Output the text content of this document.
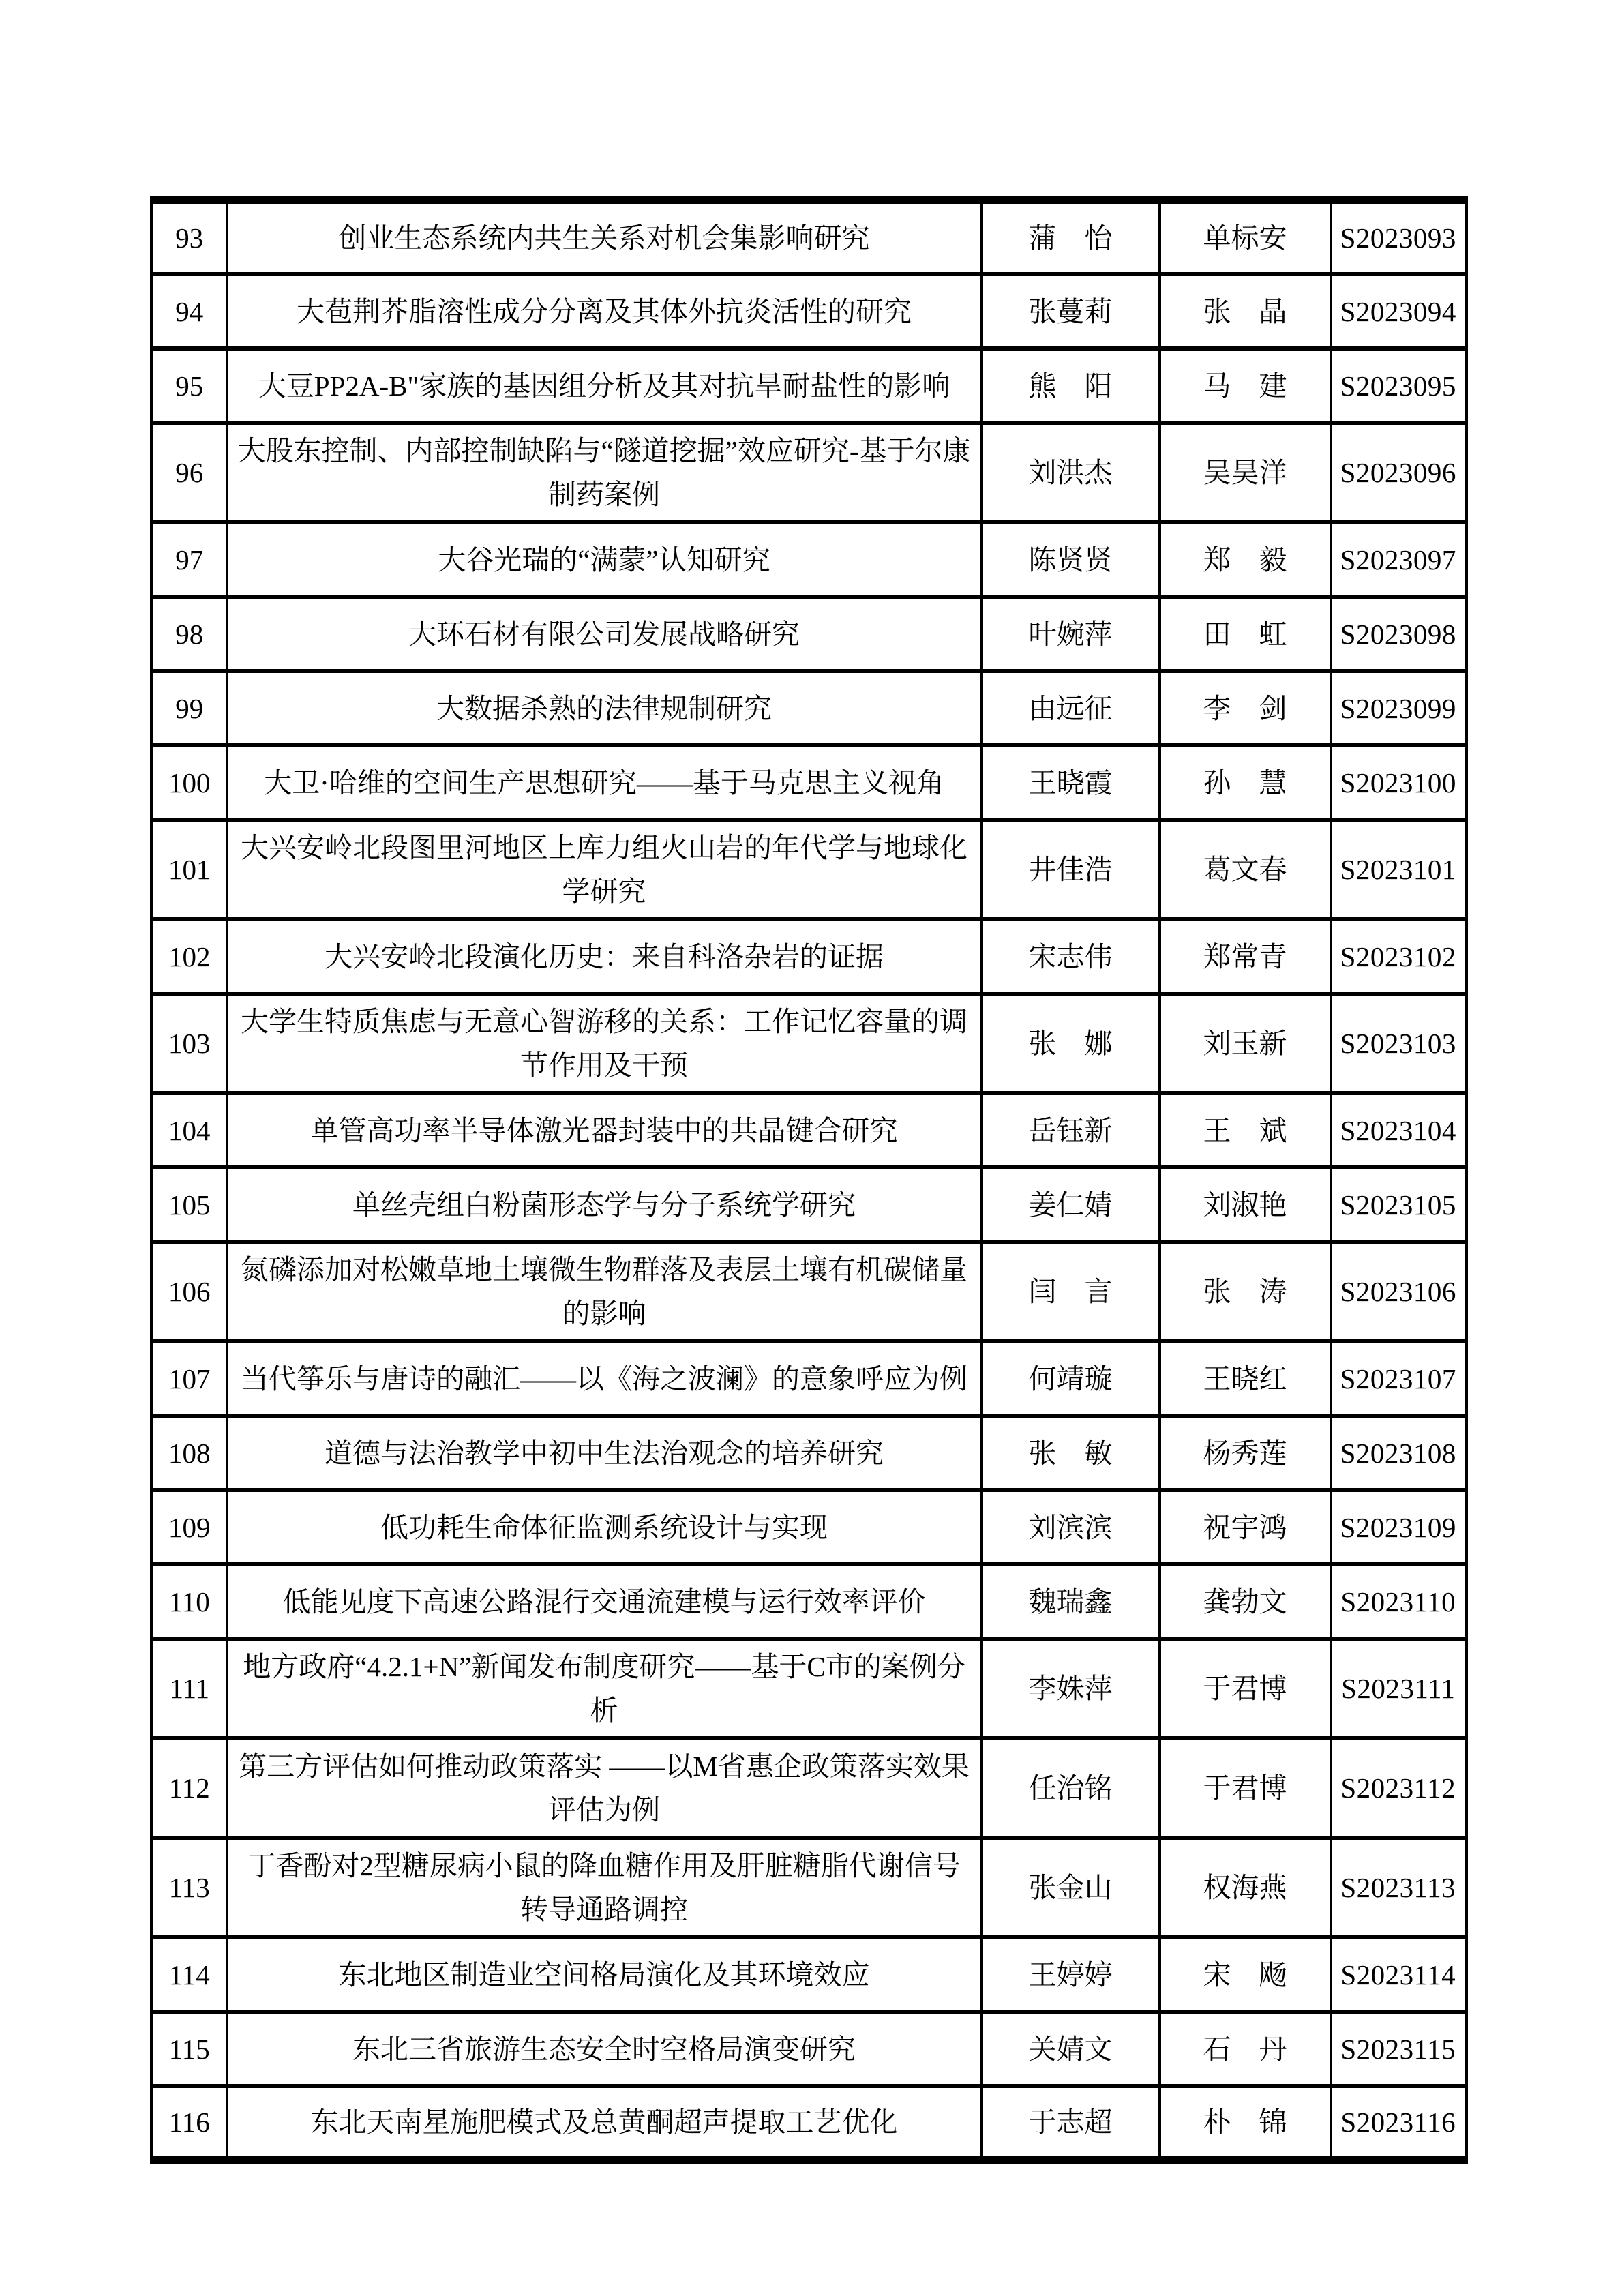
93	创业生态系统内共生关系对机会集影响研究	蒲　怡	单标安	S2023093
94	大苞荆芥脂溶性成分分离及其体外抗炎活性的研究	张蔓莉	张　晶	S2023094
95	大豆PP2A-B"家族的基因组分析及其对抗旱耐盐性的影响	熊　阳	马　建	S2023095
96	大股东控制、内部控制缺陷与“隧道挖掘”效应研究-基于尔康制药案例	刘洪杰	吴昊洋	S2023096
97	大谷光瑞的“满蒙”认知研究	陈贤贤	郑　毅	S2023097
98	大环石材有限公司发展战略研究	叶婉萍	田　虹	S2023098
99	大数据杀熟的法律规制研究	由远征	李　剑	S2023099
100	大卫·哈维的空间生产思想研究——基于马克思主义视角	王晓霞	孙　慧	S2023100
101	大兴安岭北段图里河地区上库力组火山岩的年代学与地球化学研究	井佳浩	葛文春	S2023101
102	大兴安岭北段演化历史：来自科洛杂岩的证据	宋志伟	郑常青	S2023102
103	大学生特质焦虑与无意心智游移的关系：工作记忆容量的调节作用及干预	张　娜	刘玉新	S2023103
104	单管高功率半导体激光器封装中的共晶键合研究	岳钰新	王　斌	S2023104
105	单丝壳组白粉菌形态学与分子系统学研究	姜仁婧	刘淑艳	S2023105
106	氮磷添加对松嫩草地土壤微生物群落及表层土壤有机碳储量的影响	闫　言	张　涛	S2023106
107	当代筝乐与唐诗的融汇——以《海之波澜》的意象呼应为例	何靖璇	王晓红	S2023107
108	道德与法治教学中初中生法治观念的培养研究	张　敏	杨秀莲	S2023108
109	低功耗生命体征监测系统设计与实现	刘滨滨	祝宇鸿	S2023109
110	低能见度下高速公路混行交通流建模与运行效率评价	魏瑞鑫	龚勃文	S2023110
111	地方政府“4.2.1+N”新闻发布制度研究——基于C市的案例分析	李姝萍	于君博	S2023111
112	第三方评估如何推动政策落实 ——以M省惠企政策落实效果评估为例	任治铭	于君博	S2023112
113	丁香酚对2型糖尿病小鼠的降血糖作用及肝脏糖脂代谢信号转导通路调控	张金山	权海燕	S2023113
114	东北地区制造业空间格局演化及其环境效应	王婷婷	宋　飏	S2023114
115	东北三省旅游生态安全时空格局演变研究	关婧文	石　丹	S2023115
116	东北天南星施肥模式及总黄酮超声提取工艺优化	于志超	朴　锦	S2023116
